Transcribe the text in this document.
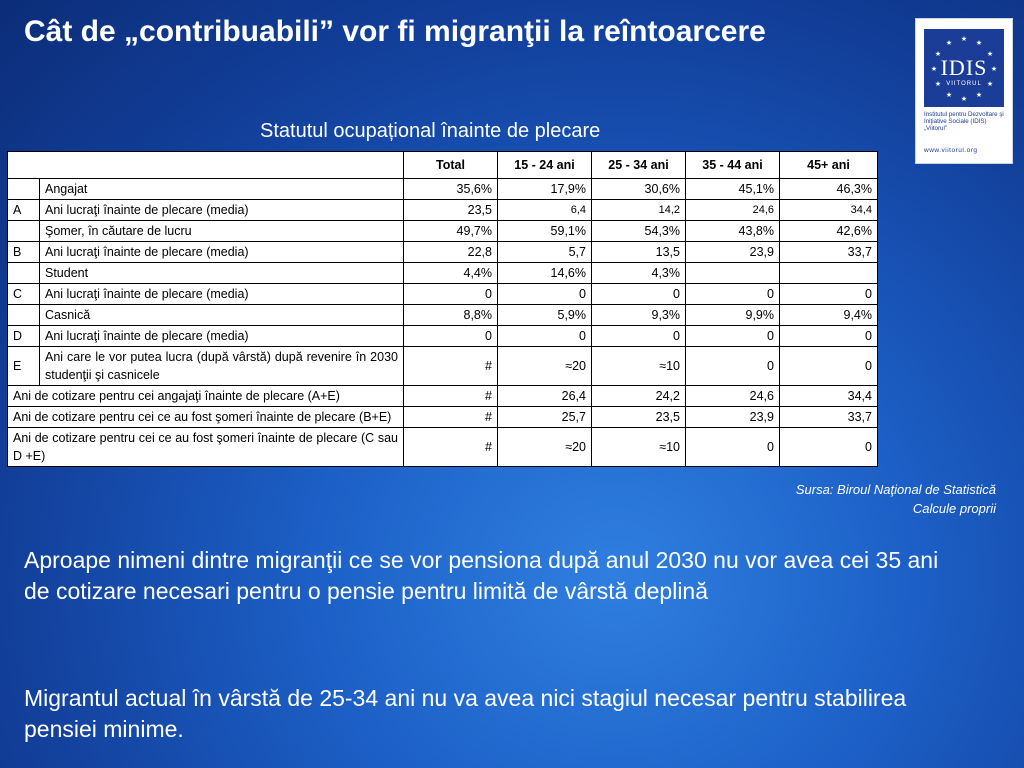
Cât de „contribuabili” vor fi migranţii la reîntoarcere	★ ★
★
★
★
★
★
★
★
★
★ ★
IDIS
VIITORUL
Institutul pentru Dezvoltare şi Iniţiative Sociale (IDIS) „Viitorul”
www.viitorul.org
Statutul ocupațional înainte de plecare
		Total	15 - 24 ani	25 - 34 ani	35 - 44 ani	45+ ani
	Angajat	35,6%	17,9%	30,6%	45,1%	46,3%
A	Ani lucraţi înainte de plecare (media)	23,5	6,4	14,2	24,6	34,4
	Şomer, în căutare de lucru	49,7%	59,1%	54,3%	43,8%	42,6%
B	Ani lucraţi înainte de plecare (media)	22,8	5,7	13,5	23,9	33,7
	Student	4,4%	14,6%	4,3%		
C	Ani lucraţi înainte de plecare (media)	0	0	0	0	0
	Casnică	8,8%	5,9%	9,3%	9,9%	9,4%
D	Ani lucraţi înainte de plecare (media)	0	0	0	0	0
E	Ani care le vor putea lucra (după vârstă) după revenire în 2030 studenţii şi casnicele	#	≈20	≈10	0	0
Ani de cotizare pentru cei angajaţi înainte de plecare (A+E)		#	26,4	24,2	24,6	34,4
Ani de cotizare pentru cei ce au fost şomeri înainte de plecare (B+E)		#	25,7	23,5	23,9	33,7
Ani de cotizare pentru cei ce au fost şomeri înainte de plecare (C sau D +E)		#	≈20	≈10	0	0
Sursa: Biroul Naţional de Statistică
Calcule proprii

Aproape nimeni dintre migranţii ce se vor pensiona după anul 2030 nu vor avea cei 35 ani de cotizare necesari pentru o pensie pentru limită de vârstă deplină

Migrantul actual în vârstă de 25-34 ani nu va avea nici stagiul necesar pentru stabilirea pensiei minime.
